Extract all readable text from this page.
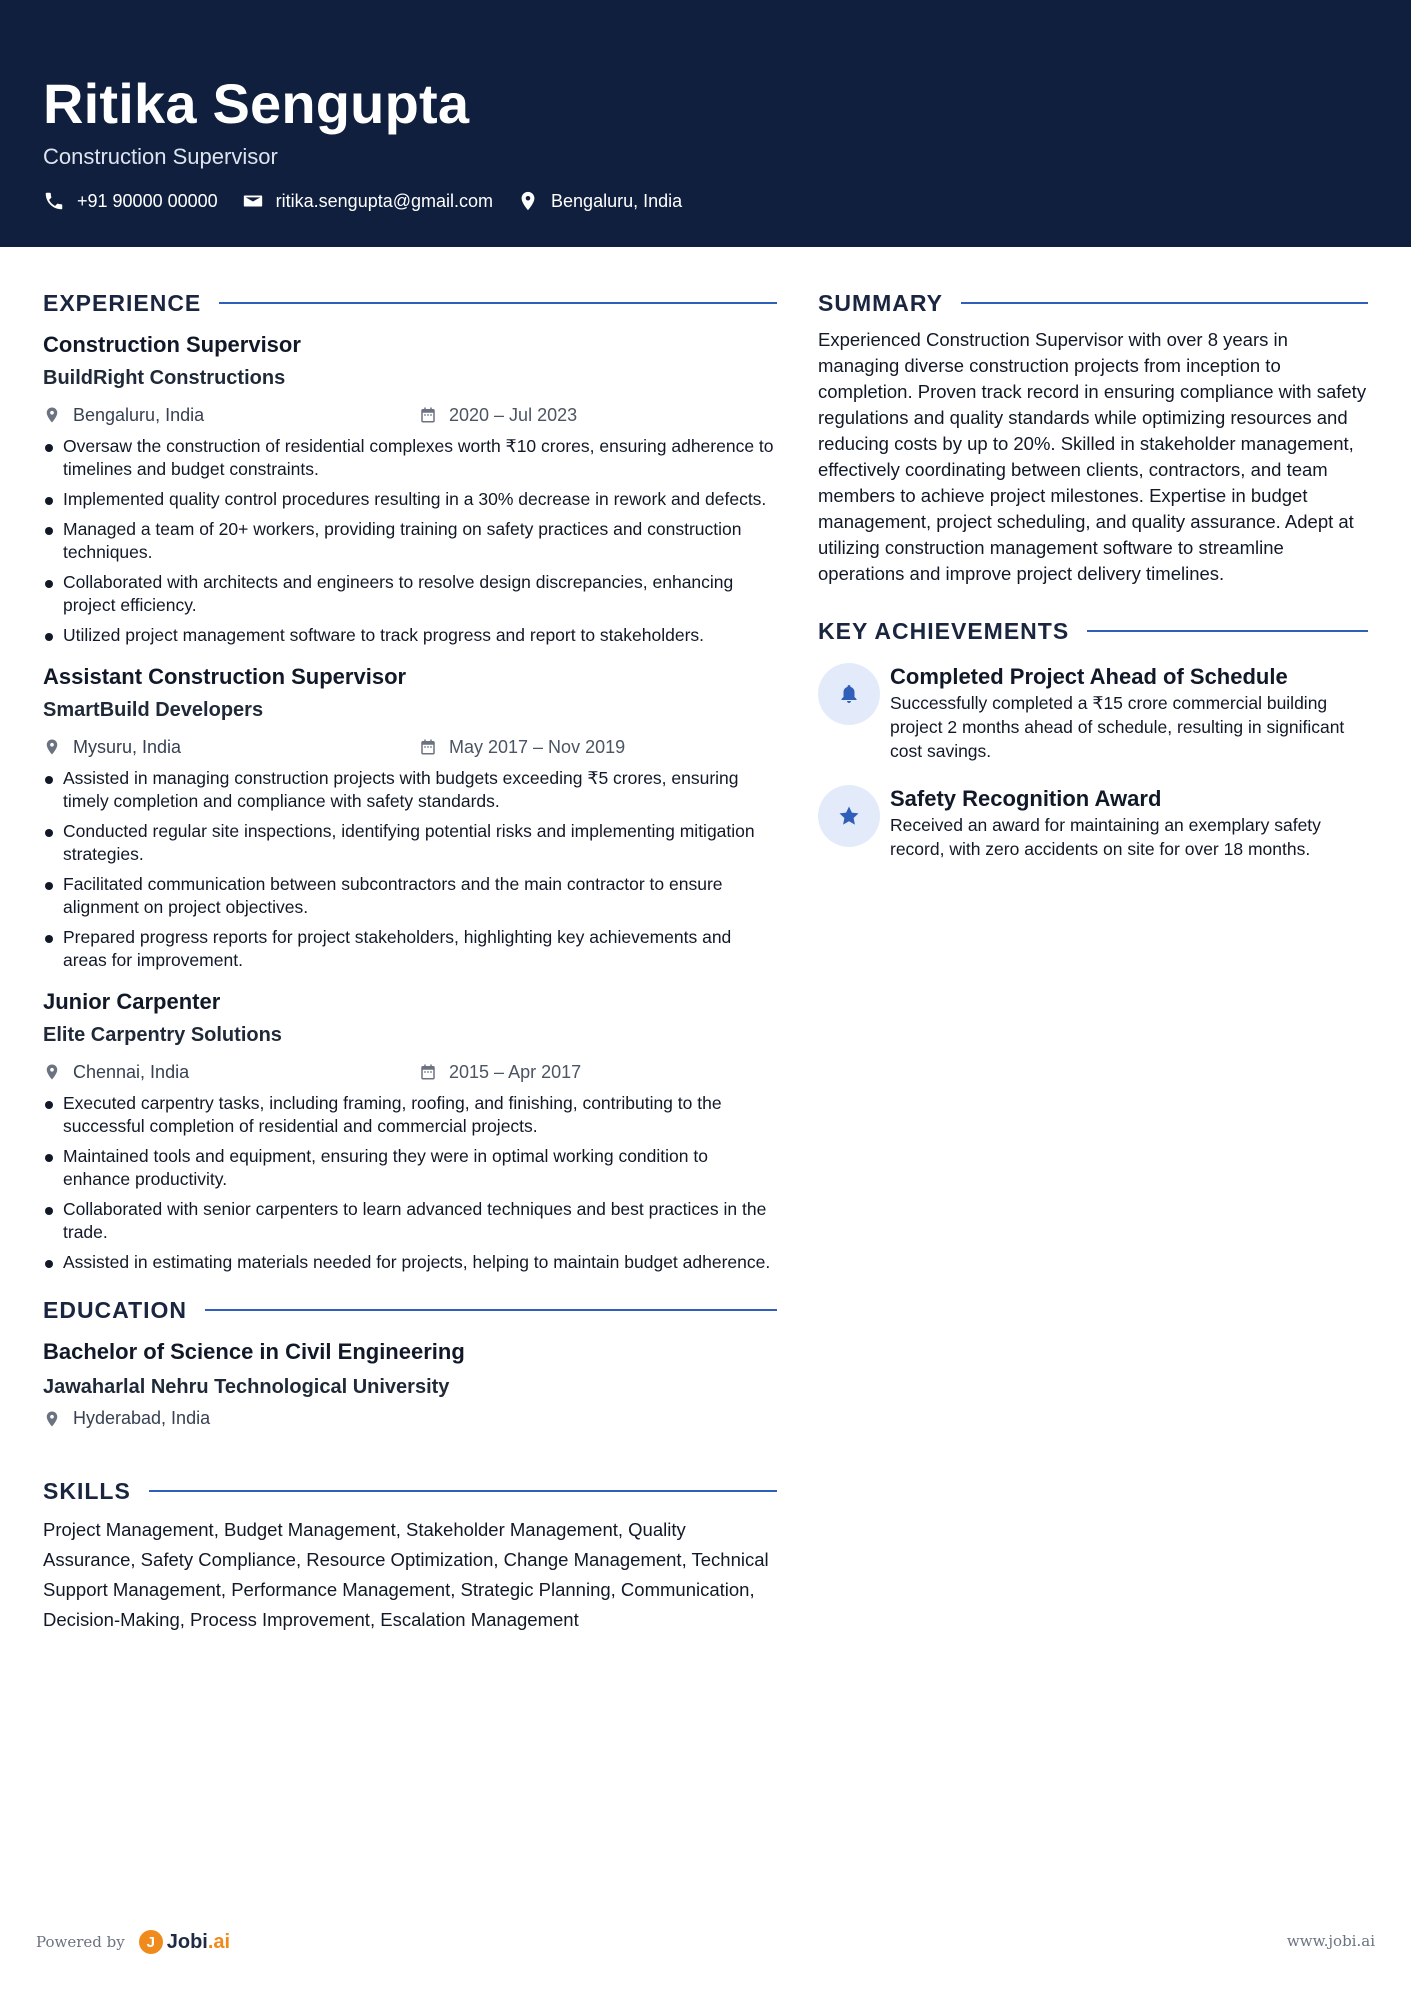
Ritika Sengupta
Construction Supervisor
+91 90000 00000	ritika.sengupta@gmail.com	Bengaluru, India
EXPERIENCE
Construction Supervisor
BuildRight Constructions
Bengaluru, India	2020 – Jul 2023
Oversaw the construction of residential complexes worth ₹10 crores, ensuring adherence to timelines and budget constraints.
Implemented quality control procedures resulting in a 30% decrease in rework and defects.
Managed a team of 20+ workers, providing training on safety practices and construction techniques.
Collaborated with architects and engineers to resolve design discrepancies, enhancing project efficiency.
Utilized project management software to track progress and report to stakeholders.
Assistant Construction Supervisor
SmartBuild Developers
Mysuru, India	May 2017 – Nov 2019
Assisted in managing construction projects with budgets exceeding ₹5 crores, ensuring timely completion and compliance with safety standards.
Conducted regular site inspections, identifying potential risks and implementing mitigation strategies.
Facilitated communication between subcontractors and the main contractor to ensure alignment on project objectives.
Prepared progress reports for project stakeholders, highlighting key achievements and areas for improvement.
Junior Carpenter
Elite Carpentry Solutions
Chennai, India	2015 – Apr 2017
Executed carpentry tasks, including framing, roofing, and finishing, contributing to the successful completion of residential and commercial projects.
Maintained tools and equipment, ensuring they were in optimal working condition to enhance productivity.
Collaborated with senior carpenters to learn advanced techniques and best practices in the trade.
Assisted in estimating materials needed for projects, helping to maintain budget adherence.
EDUCATION
Bachelor of Science in Civil Engineering
Jawaharlal Nehru Technological University
Hyderabad, India
SKILLS
Project Management, Budget Management, Stakeholder Management, Quality Assurance, Safety Compliance, Resource Optimization, Change Management, Technical Support Management, Performance Management, Strategic Planning, Communication, Decision-Making, Process Improvement, Escalation Management
SUMMARY
Experienced Construction Supervisor with over 8 years in managing diverse construction projects from inception to completion. Proven track record in ensuring compliance with safety regulations and quality standards while optimizing resources and reducing costs by up to 20%. Skilled in stakeholder management, effectively coordinating between clients, contractors, and team members to achieve project milestones. Expertise in budget management, project scheduling, and quality assurance. Adept at utilizing construction management software to streamline operations and improve project delivery timelines.
KEY ACHIEVEMENTS
Completed Project Ahead of Schedule
Successfully completed a ₹15 crore commercial building project 2 months ahead of schedule, resulting in significant cost savings.
Safety Recognition Award
Received an award for maintaining an exemplary safety record, with zero accidents on site for over 18 months.
Powered by	J Jobi .ai	www.jobi.ai
